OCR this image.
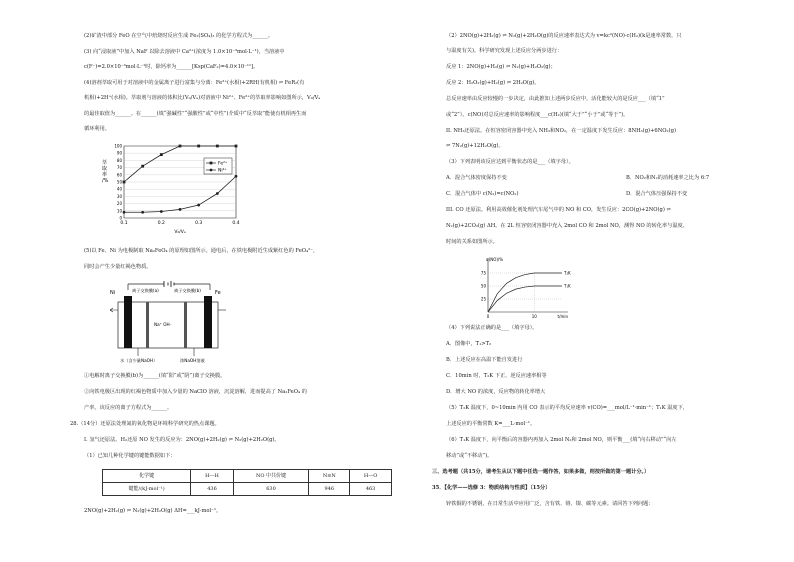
(2)矿渣中部分 FeO 在空气中焙烧时反应生成 Fe₂(SO₄)₃ 的化学方程式为______。

(3) 向“浸取液”中加入 NaF 以除去溶液中 Ca²⁺(浓度为 1.0×10⁻³mol·L⁻¹)，当溶液中

c(F⁻)=2.0×10⁻³mol·L⁻¹时，除钙率为______[Ksp(CaF₂)=4.0×10⁻¹¹]。

(4)溶剂萃取可用于对溶液中的金属离子进行富集与分离：Fe²⁺(水相)+2RH(有机相) ⇌ FeR₂(有

机相)+2H⁺(水相)。萃取剂与溶液的体积比(V₀/Vₐ)对溶液中 Ni²⁺、Fe²⁺的萃取率影响如图所示，V₀/Vₐ

的最佳取值为______。在______(填“强碱性”“强酸性”或“中性”)介质中“反萃取”能使有机相再生而

循环利用。

0
10
20
30
40
50
60
70
80
90
100
0.1	0.2	0.3	0.4
V₀/Vₐ
萃取率/%
Fe²⁺
Ni²⁺

(5)以 Fe、Ni 为电极制取 Na₂FeO₄ 的原理如图所示。通电后，在铁电极附近生成紫红色的 FeO₄²⁻，

同时会产生少量红褐色物质。

Ni	Fe
离子交换膜(a)	离子交换膜(b)
Na⁺ OH⁻
水（含少量NaOH）	浓NaOH溶液

①电解时离子交换膜(b)为______(填“阳”或“阴”)离子交换膜。

②向铁电极区出现的红褐色物质中加入少量的 NaClO 溶液，沉淀溶解，进而提高了 Na₂FeO₄ 的

产率。该反应的离子方程式为______。

28.（14分）还原法处理氮的氧化物是环境科学研究的热点课题。

I. 氢气还原法。H₂还原 NO 发生的反应为：2NO(g)+2H₂(g) ⇌ N₂(g)+2H₂O(g)。

（1）已知几种化学键的键能数据如下：

化学键	H—H	NO 中共价键	N≡N	H—O
键能/(kJ·mol⁻¹)	436	630	946	463

2NO(g)+2H₂(g) ⇌ N₂(g)+2H₂O(g) ΔH=___kJ·mol⁻¹。

（2）2NO(g)+2H₂(g) ⇌ N₂(g)+2H₂O(g)的反应速率表达式为 v=kc²(NO)·c(H₂)(k是速率常数，只

与温度有关)。科学研究发现上述反应分两步进行：

反应 1：2NO(g)+H₂(g) ⇌ N₂(g)+H₂O₂(g)；

反应 2：H₂O₂(g)+H₂(g) ⇌ 2H₂O(g)。

总反应速率由反应较慢的一步决定，由此推知上述两步反应中，活化能较大的是反应___（填“1”

或“2”）。c(NO)对总反应速率的影响程度___c(H₂)(填“大于”“小于”或“等于”)。

II. NH₃还原法。在恒容密闭容器中充入 NH₃和NO₂，在一定温度下发生反应：8NH₃(g)+6NO₂(g)

⇌ 7N₂(g)+12H₂O(g)。

（3）下列表明该反应达到平衡状态的是___（填字母）。

A．混合气体密度保持不变	B．NO₂和N₂的消耗速率之比为 6:7

C．混合气体中 c(N₂)=c(NO₂)	D．混合气体压强保持不变

III. CO 还原法。利用高效催化剂处理汽车尾气中的 NO 和 CO，发生反应：2CO(g)+2NO(g) ⇌

N₂(g)+2CO₂(g) ΔH。在 2L 恒容密闭容器中充入 2mol CO 和 2mol NO，测得 NO 的转化率与温度、

时间的关系如图所示。

25
50
75
0	10
α(NO)/%
t/min
T₂K
T₁K

（4）下列说法正确的是___（填字母）。

A．图像中，T₁>T₂

B．上述反应在高温下能自发进行

C．10min 时，T₂K 下正、逆反应速率相等

D．增大 NO 的浓度，反应物的转化率增大

（5）T₂K 温度下，0~10min 内用 CO 表示的平均反应速率 v(CO)=___mol/L⁻¹·min⁻¹；T₁K 温度下，

上述反应的平衡常数 K=___L·mol⁻¹。

（6）T₁K 温度下，向平衡后的容器内再加入 2mol N₂和 2mol NO，则平衡___(填“向右移动”“向左

移动”或“不移动”)。

三、选考题（共15分，请考生从以下题中任选一题作答，如果多做，则按所做的第一题计分。）

35．【化学——选修 3：物质结构与性质】（15分）

锌铁铜的不锈钢，在日常生活中应用广泛，含有铁、铬、镍、碳等元素。请回答下列问题：
